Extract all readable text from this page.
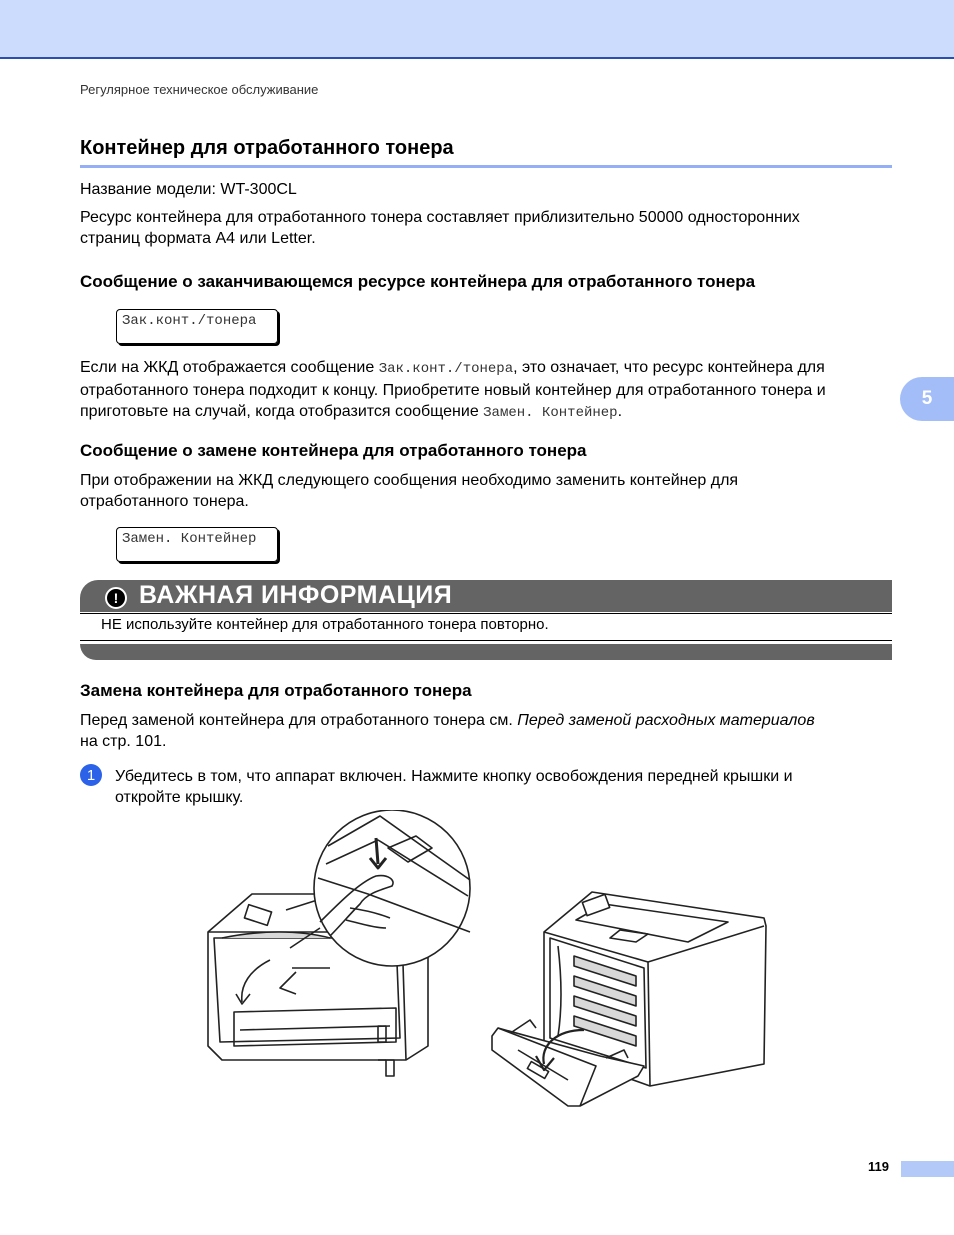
Регулярное техническое обслуживание
Контейнер для отработанного тонера
Название модели: WT-300CL
Ресурс контейнера для отработанного тонера составляет приблизительно 50000 односторонних
страниц формата A4 или Letter.
Сообщение о заканчивающемся ресурсе контейнера для отработанного тонера
Зак.конт./тонера
Если на ЖКД отображается сообщение Зак.конт./тонера, это означает, что ресурс контейнера для
отработанного тонера подходит к концу. Приобретите новый контейнер для отработанного тонера и
приготовьте на случай, когда отобразится сообщение Замен. Контейнер.
5
Сообщение о замене контейнера для отработанного тонера
При отображении на ЖКД следующего сообщения необходимо заменить контейнер для
отработанного тонера.
Замен. Контейнер
! ВАЖНАЯ ИНФОРМАЦИЯ
НЕ используйте контейнер для отработанного тонера повторно.
Замена контейнера для отработанного тонера
Перед заменой контейнера для отработанного тонера см. Перед заменой расходных материалов
на стр. 101.
1	Убедитесь в том, что аппарат включен. Нажмите кнопку освобождения передней крышки и
откройте крышку.
119
